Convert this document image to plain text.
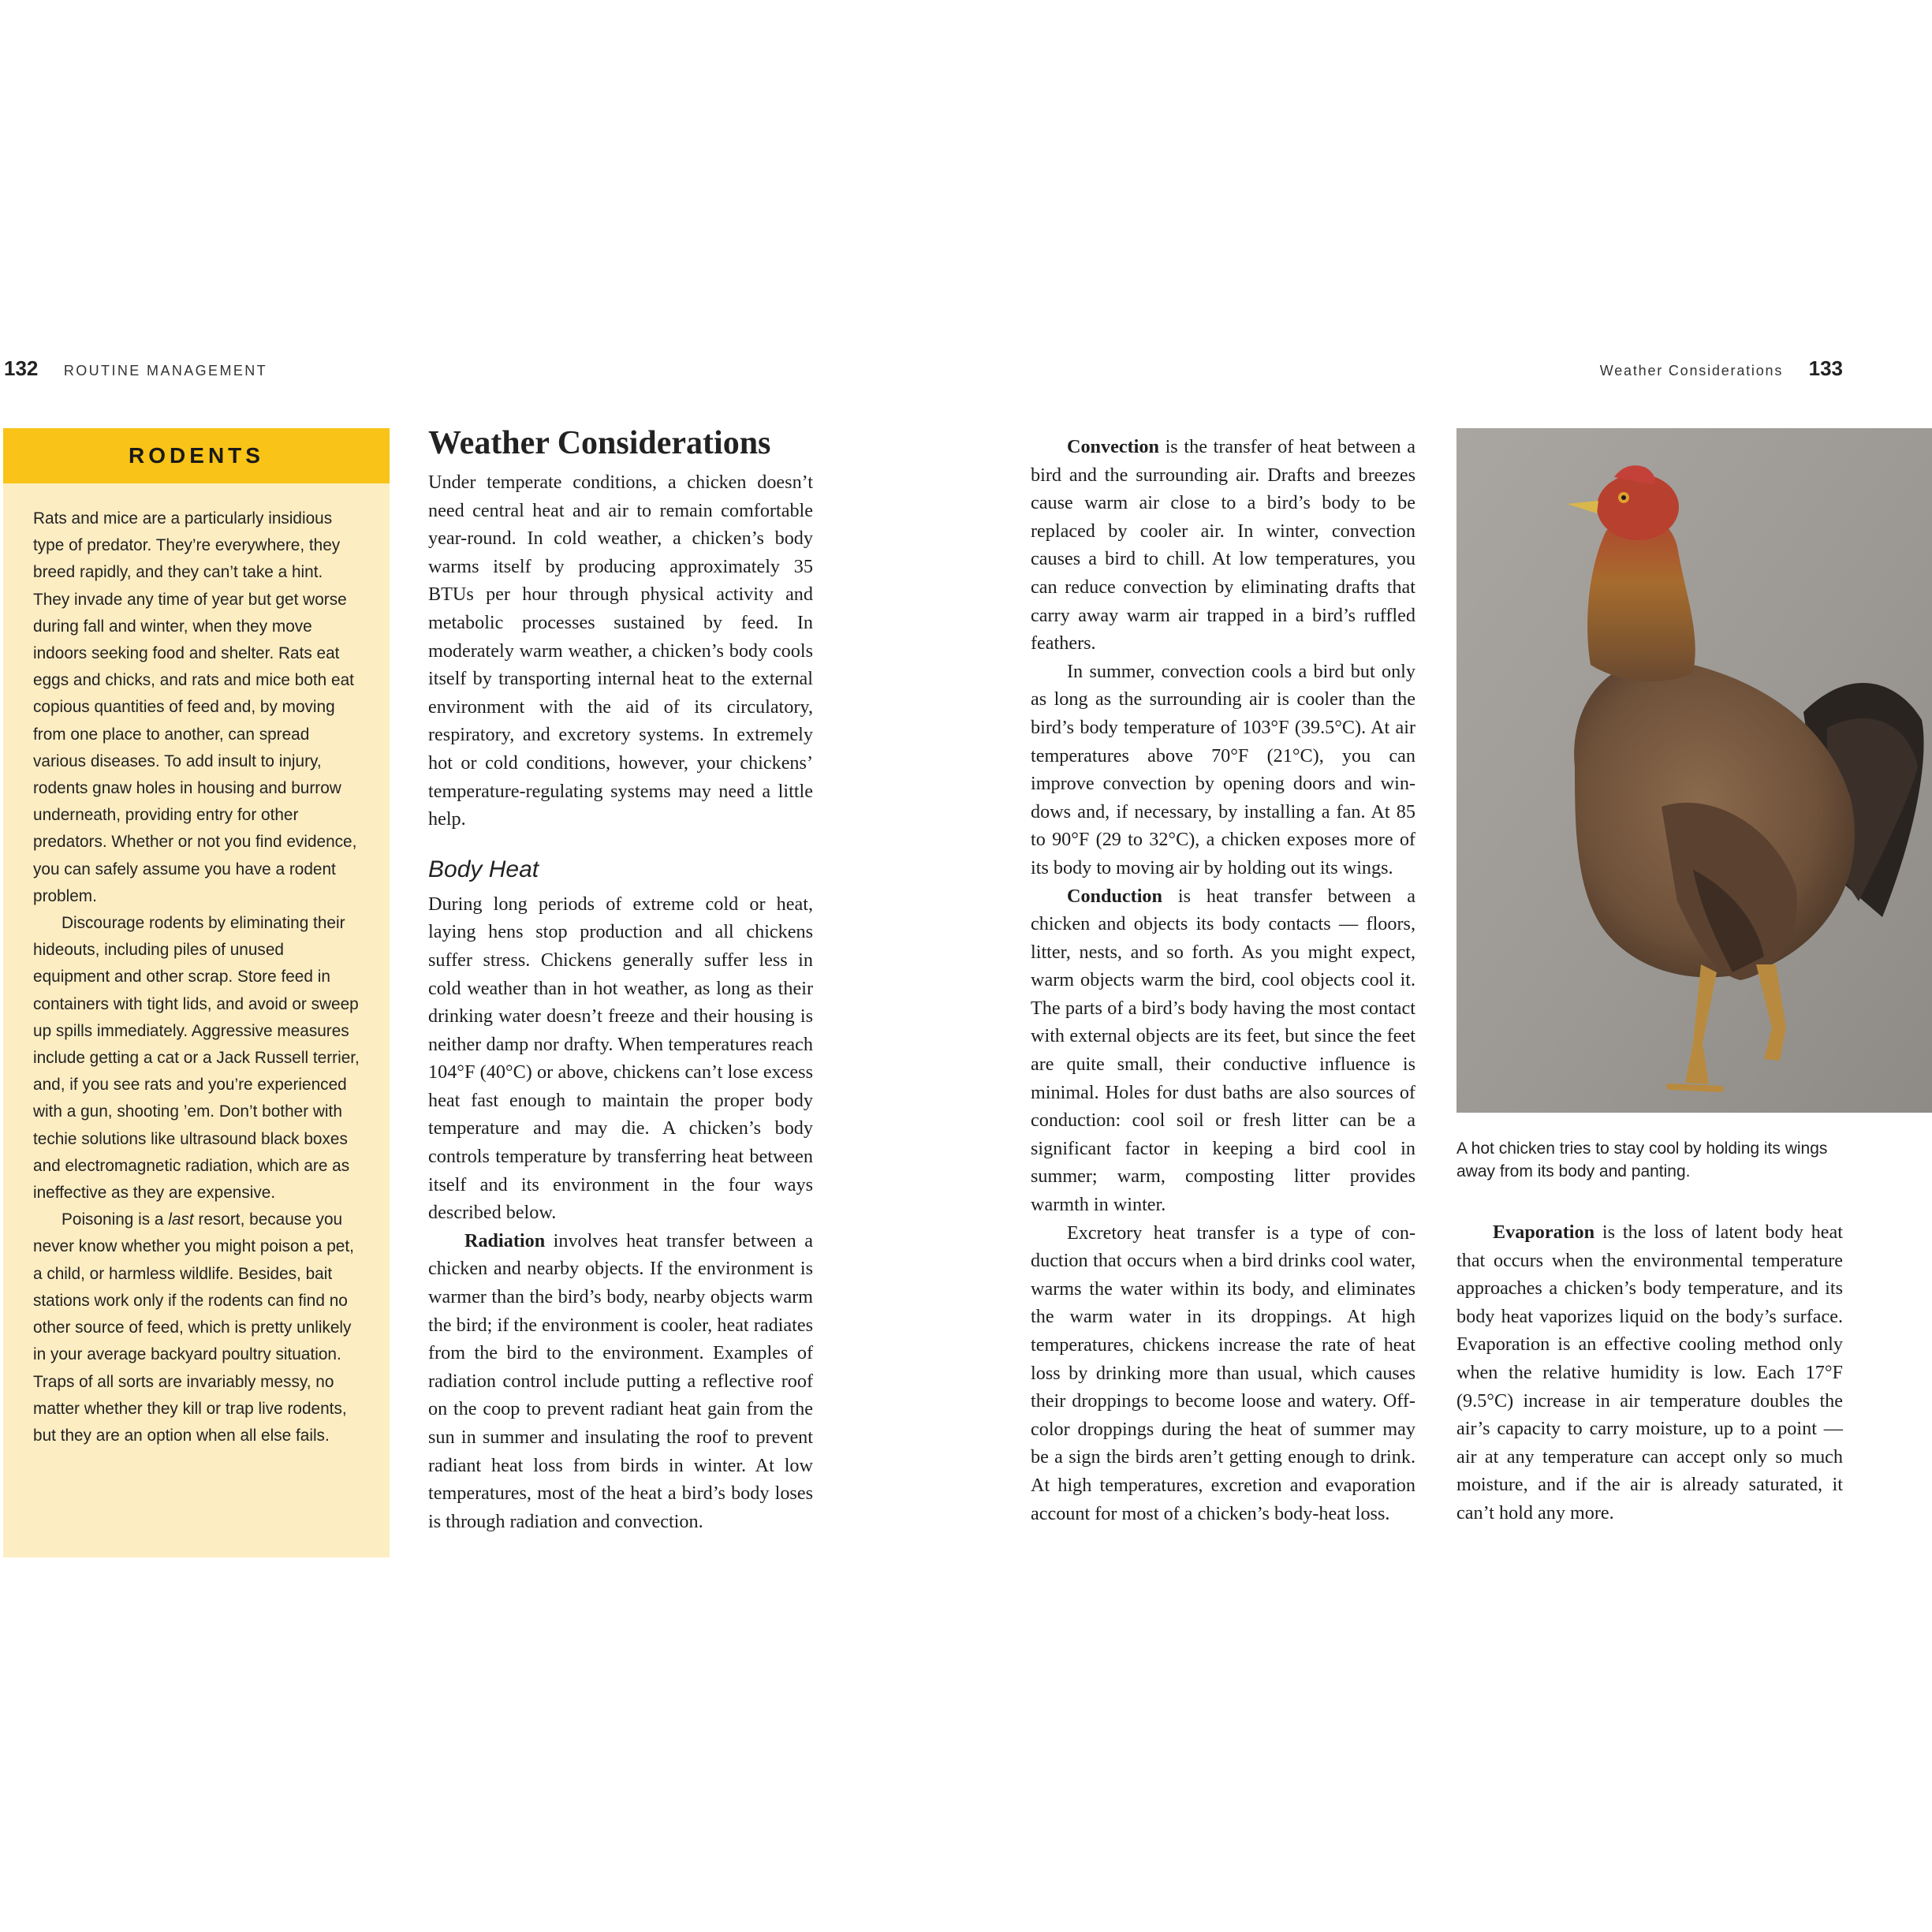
132 ROUTINE MANAGEMENT	Weather Considerations 133
RODENTS

Rats and mice are a particularly insidious type of predator. They’re everywhere, they breed rapidly, and they can’t take a hint. They invade any time of year but get worse during fall and winter, when they move indoors seeking food and shelter. Rats eat eggs and chicks, and rats and mice both eat copious quantities of feed and, by moving from one place to another, can spread various diseases. To add insult to injury, rodents gnaw holes in housing and burrow underneath, providing entry for other predators. Whether or not you find evidence, you can safely assume you have a rodent problem.

Discourage rodents by eliminating their hideouts, including piles of unused equipment and other scrap. Store feed in containers with tight lids, and avoid or sweep up spills immediately. Aggressive measures include getting a cat or a Jack Russell terrier, and, if you see rats and you’re experienced with a gun, shooting ’em. Don’t bother with techie solutions like ultrasound black boxes and electromagnetic radiation, which are as ineffective as they are expensive.

Poisoning is a last resort, because you never know whether you might poison a pet, a child, or harmless wildlife. Besides, bait stations work only if the rodents can find no other source of feed, which is pretty unlikely in your average backyard poultry situation. Traps of all sorts are invariably messy, no matter whether they kill or trap live rodents, but they are an option when all else fails.

Weather Considerations

Under temperate conditions, a chicken doesn’t need central heat and air to remain comfortable year-round. In cold weather, a chicken’s body warms itself by producing approximately 35 BTUs per hour through physical activity and metabolic processes sustained by feed. In moderately warm weather, a chicken’s body cools itself by transporting internal heat to the external environment with the aid of its circulatory, respiratory, and excretory systems. In extremely hot or cold conditions, however, your chickens’ temperature-regulating systems may need a little help.

Body Heat

During long periods of extreme cold or heat, laying hens stop production and all chickens suffer stress. Chickens generally suffer less in cold weather than in hot weather, as long as their drinking water doesn’t freeze and their housing is neither damp nor drafty. When temperatures reach 104°F (40°C) or above, chickens can’t lose excess heat fast enough to maintain the proper body temperature and may die. A chicken’s body controls temperature by transferring heat between itself and its environment in the four ways described below.

Radiation involves heat transfer between a chicken and nearby objects. If the environment is warmer than the bird’s body, nearby objects warm the bird; if the environment is cooler, heat radiates from the bird to the environment. Examples of radiation control include putting a reflective roof on the coop to prevent radiant heat gain from the sun in summer and insulating the roof to prevent radiant heat loss from birds in winter. At low temperatures, most of the heat a bird’s body loses is through radiation and convection.

Convection is the transfer of heat between a bird and the surrounding air. Drafts and breezes cause warm air close to a bird’s body to be replaced by cooler air. In winter, convection causes a bird to chill. At low temperatures, you can reduce convection by eliminating drafts that carry away warm air trapped in a bird’s ruffled feathers.

In summer, convection cools a bird but only as long as the surrounding air is cooler than the bird’s body temperature of 103°F (39.5°C). At air temperatures above 70°F (21°C), you can improve convection by opening doors and windows and, if necessary, by installing a fan. At 85 to 90°F (29 to 32°C), a chicken exposes more of its body to moving air by holding out its wings.

Conduction is heat transfer between a chicken and objects its body contacts — floors, litter, nests, and so forth. As you might expect, warm objects warm the bird, cool objects cool it. The parts of a bird’s body having the most contact with external objects are its feet, but since the feet are quite small, their conductive influence is minimal. Holes for dust baths are also sources of conduction: cool soil or fresh litter can be a significant factor in keeping a bird cool in summer; warm, composting litter provides warmth in winter.

Excretory heat transfer is a type of conduction that occurs when a bird drinks cool water, warms the water within its body, and eliminates the warm water in its droppings. At high temperatures, chickens increase the rate of heat loss by drinking more than usual, which causes their droppings to become loose and watery. Off-color droppings during the heat of summer may be a sign the birds aren’t getting enough to drink. At high temperatures, excretion and evaporation account for most of a chicken’s body-heat loss.

A hot chicken tries to stay cool by holding its wings away from its body and panting.

Evaporation is the loss of latent body heat that occurs when the environmental temperature approaches a chicken’s body temperature, and its body heat vaporizes liquid on the body’s surface. Evaporation is an effective cooling method only when the relative humidity is low. Each 17°F (9.5°C) increase in air temperature doubles the air’s capacity to carry moisture, up to a point — air at any temperature can accept only so much moisture, and if the air is already saturated, it can’t hold any more.
